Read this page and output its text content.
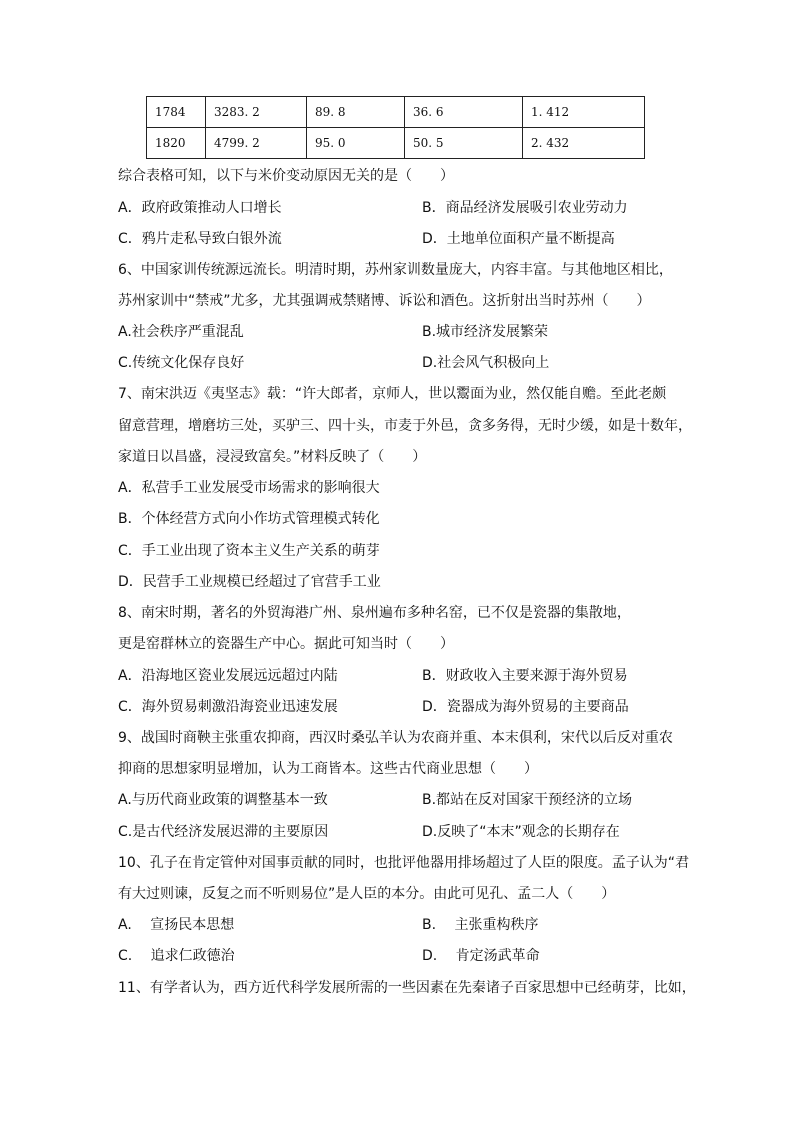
1784	3283. 2	89. 8	36. 6	1. 412
1820	4799. 2	95. 0	50. 5	2. 432
综合表格可知，以下与米价变动原因无关的是（　　）
A．政府政策推动人口增长	B．商品经济发展吸引农业劳动力
C．鸦片走私导致白银外流	D．土地单位面积产量不断提高
6、中国家训传统源远流长。明清时期，苏州家训数量庞大，内容丰富。与其他地区相比，
苏州家训中“禁戒”尤多，尤其强调戒禁赌博、诉讼和酒色。这折射出当时苏州（　　）
A.社会秩序严重混乱	B.城市经济发展繁荣
C.传统文化保存良好	D.社会风气积极向上
7、南宋洪迈《夷坚志》载：“许大郎者，京师人，世以鬻面为业，然仅能自赡。至此老颇
留意营理，增磨坊三处，买驴三、四十头，市麦于外邑，贪多务得，无时少缓，如是十数年，
家道日以昌盛，浸浸致富矣。”材料反映了（　　）
A．私营手工业发展受市场需求的影响很大
B．个体经营方式向小作坊式管理模式转化
C．手工业出现了资本主义生产关系的萌芽
D．民营手工业规模已经超过了官营手工业
8、南宋时期，著名的外贸海港广州、泉州遍布多种名窑，已不仅是瓷器的集散地，
更是窑群林立的瓷器生产中心。据此可知当时（　　）
A．沿海地区瓷业发展远远超过内陆	B．财政收入主要来源于海外贸易
C．海外贸易刺激沿海瓷业迅速发展	D．瓷器成为海外贸易的主要商品
9、战国时商鞅主张重农抑商，西汉时桑弘羊认为农商并重、本末俱利，宋代以后反对重农
抑商的思想家明显增加，认为工商皆本。这些古代商业思想（　　）
A.与历代商业政策的调整基本一致	B.都站在反对国家干预经济的立场
C.是古代经济发展迟滞的主要原因	D.反映了“本末”观念的长期存在
10、孔子在肯定管仲对国事贡献的同时，也批评他器用排场超过了人臣的限度。孟子认为“君
有大过则谏，反复之而不听则易位”是人臣的本分。由此可见孔、孟二人（　　）
A.　 宣扬民本思想	B.　 主张重构秩序
C.　 追求仁政德治	D.　 肯定汤武革命
11、有学者认为，西方近代科学发展所需的一些因素在先秦诸子百家思想中已经萌芽，比如，
